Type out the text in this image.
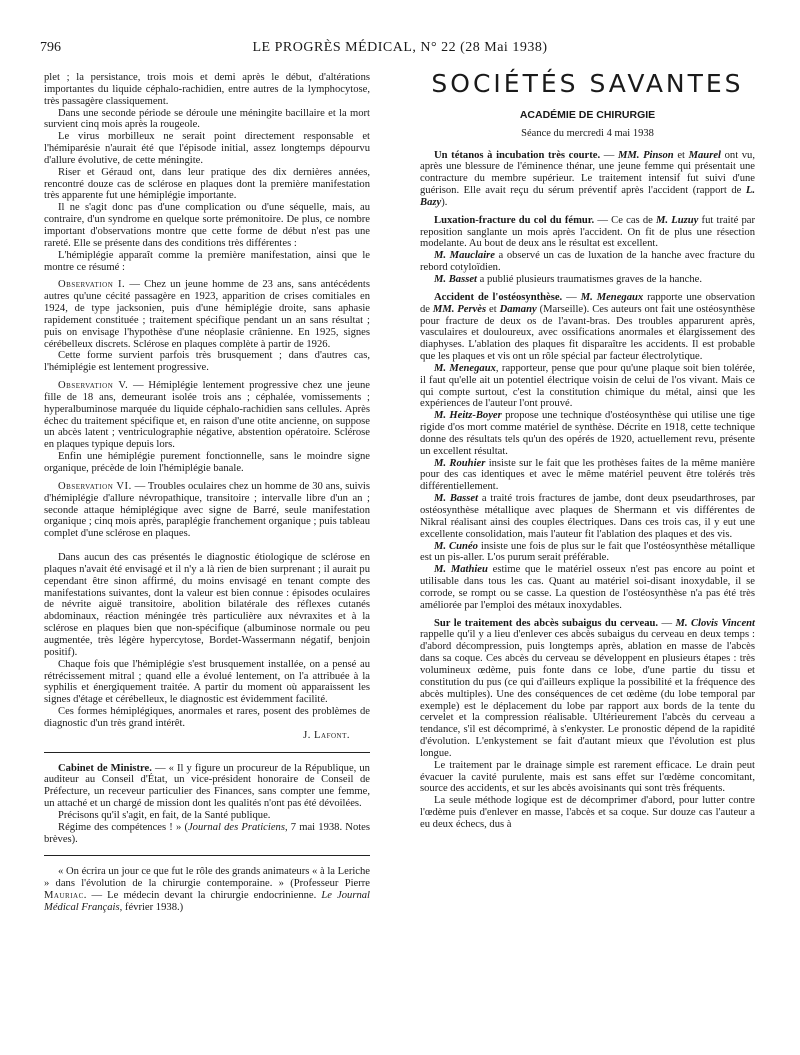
796	LE PROGRÈS MÉDICAL, N° 22 (28 Mai 1938)

plet ; la persistance, trois mois et demi après le début, d'altérations importantes du liquide céphalo-rachidien, entre autres de la lymphocytose, très passagère classiquement.

Dans une seconde période se déroule une méningite bacillaire et la mort survient cinq mois après la rougeole.

Le virus morbilleux ne serait point directement responsable et l'hémiparésie n'aurait été que l'épisode initial, assez longtemps dépourvu d'allure évolutive, de cette méningite.

Riser et Géraud ont, dans leur pratique des dix dernières années, rencontré douze cas de sclérose en plaques dont la première manifestation très apparente fut une hémiplégie importante.

Il ne s'agit donc pas d'une complication ou d'une séquelle, mais, au contraire, d'un syndrome en quelque sorte prémonitoire. De plus, ce nombre important d'observations montre que cette forme de début n'est pas une rareté. Elle se présente dans des conditions très différentes :

L'hémiplégie apparaît comme la première manifestation, ainsi que le montre ce résumé :

Observation I. — Chez un jeune homme de 23 ans, sans antécédents autres qu'une cécité passagère en 1923, apparition de crises comitiales en 1924, de type jacksonien, puis d'une hémiplégie droite, sans aphasie rapidement constituée ; traitement spécifique pendant un an sans résultat ; puis on envisage l'hypothèse d'une néoplasie crânienne. En 1925, signes cérébelleux discrets. Sclérose en plaques complète à partir de 1926.

Cette forme survient parfois très brusquement ; dans d'autres cas, l'hémiplégie est lentement progressive.

Observation V. — Hémiplégie lentement progressive chez une jeune fille de 18 ans, demeurant isolée trois ans ; céphalée, vomissements ; hyperalbuminose marquée du liquide céphalo-rachidien sans cellules. Après échec du traitement spécifique et, en raison d'une otite ancienne, on suppose un abcès latent ; ventriculographie négative, abstention opératoire. Sclérose en plaques typique depuis lors.

Enfin une hémiplégie purement fonctionnelle, sans le moindre signe organique, précède de loin l'hémiplégie banale.

Observation VI. — Troubles oculaires chez un homme de 30 ans, suivis d'hémiplégie d'allure névropathique, transitoire ; intervalle libre d'un an ; seconde attaque hémiplégique avec signe de Barré, seule manifestation organique ; cinq mois après, paraplégie franchement organique ; puis tableau complet d'une sclérose en plaques.

Dans aucun des cas présentés le diagnostic étiologique de sclérose en plaques n'avait été envisagé et il n'y a là rien de bien surprenant ; il aurait pu cependant être sinon affirmé, du moins envisagé en tenant compte des manifestations suivantes, dont la valeur est bien connue : épisodes oculaires de névrite aiguë transitoire, abolition bilatérale des réflexes cutanés abdominaux, réaction méningée très particulière aux névraxites et à la sclérose en plaques bien que non-spécifique (albuminose normale ou peu augmentée, très légère hypercytose, Bordet-Wassermann négatif, benjoin positif).

Chaque fois que l'hémiplégie s'est brusquement installée, on a pensé au rétrécissement mitral ; quand elle a évolué lentement, on l'a attribuée à la syphilis et énergiquement traitée. A partir du moment où apparaissent les signes d'étage et cérébelleux, le diagnostic est évidemment facilité.

Ces formes hémiplégiques, anormales et rares, posent des problèmes de diagnostic d'un très grand intérêt.

J. Lafont.

Cabinet de Ministre. — « Il y figure un procureur de la République, un auditeur au Conseil d'État, un vice-président honoraire de Conseil de Préfecture, un receveur particulier des Finances, sans compter une femme, un attaché et un chargé de mission dont les qualités n'ont pas été dévoilées.

Précisons qu'il s'agit, en fait, de la Santé publique.

Régime des compétences ! » (Journal des Praticiens, 7 mai 1938. Notes brèves).

« On écrira un jour ce que fut le rôle des grands animateurs « à la Leriche » dans l'évolution de la chirurgie contemporaine. » (Professeur Pierre Mauriac. — Le médecin devant la chirurgie endocrinienne. Le Journal Médical Français, février 1938.)

SOCIÉTÉS SAVANTES
ACADÉMIE DE CHIRURGIE
Séance du mercredi 4 mai 1938

Un tétanos à incubation très courte. — MM. Pinson et Maurel ont vu, après une blessure de l'éminence thénar, une jeune femme qui présentait une contracture du membre supérieur. Le traitement intensif fut suivi d'une guérison. Elle avait reçu du sérum préventif après l'accident (rapport de L. Bazy).

Luxation-fracture du col du fémur. — Ce cas de M. Luzuy fut traité par reposition sanglante un mois après l'accident. On fit de plus une résection modelante. Au bout de deux ans le résultat est excellent.

M. Mauclaire a observé un cas de luxation de la hanche avec fracture du rebord cotyloïdien.

M. Basset a publié plusieurs traumatismes graves de la hanche.

Accident de l'ostéosynthèse. — M. Menegaux rapporte une observation de MM. Pervès et Damany (Marseille). Ces auteurs ont fait une ostéosynthèse pour fracture de deux os de l'avant-bras. Des troubles apparurent après, vasculaires et douloureux, avec ossifications anormales et élargissement des diaphyses. L'ablation des plaques fit disparaître les accidents. Il est probable que les plaques et vis ont un rôle spécial par facteur électrolytique.

M. Menegaux, rapporteur, pense que pour qu'une plaque soit bien tolérée, il faut qu'elle ait un potentiel électrique voisin de celui de l'os vivant. Mais ce qui compte surtout, c'est la constitution chimique du métal, ainsi que les expériences de l'auteur l'ont prouvé.

M. Heitz-Boyer propose une technique d'ostéosynthèse qui utilise une tige rigide d'os mort comme matériel de synthèse. Décrite en 1918, cette technique donne des résultats tels qu'un des opérés de 1920, actuellement revu, présente un excellent résultat.

M. Rouhier insiste sur le fait que les prothèses faites de la même manière pour des cas identiques et avec le même matériel peuvent être tolérés très différentiellement.

M. Basset a traité trois fractures de jambe, dont deux pseudarthroses, par ostéosynthèse métallique avec plaques de Shermann et vis différentes de Nikral réalisant ainsi des couples électriques. Dans ces trois cas, il y eut une excellente consolidation, mais l'auteur fit l'ablation des plaques et des vis.

M. Cunéo insiste une fois de plus sur le fait que l'ostéosynthèse métallique est un pis-aller. L'os purum serait préférable.

M. Mathieu estime que le matériel osseux n'est pas encore au point et utilisable dans tous les cas. Quant au matériel soi-disant inoxydable, il se corrode, se rompt ou se casse. La question de l'ostéosynthèse n'a pas été très améliorée par l'emploi des métaux inoxydables.

Sur le traitement des abcès subaigus du cerveau. — M. Clovis Vincent rappelle qu'il y a lieu d'enlever ces abcès subaigus du cerveau en deux temps : d'abord décompression, puis longtemps après, ablation en masse de l'abcès dans sa coque. Ces abcès du cerveau se développent en plusieurs étapes : très volumineux œdème, puis fonte dans ce lobe, d'une partie du tissu et constitution du pus (ce qui d'ailleurs explique la possibilité et la fréquence des abcès multiples). Une des conséquences de cet œdème (du lobe temporal par exemple) est le déplacement du lobe par rapport aux bords de la tente du cervelet et la compression réalisable. Ultérieurement l'abcès du cerveau a tendance, s'il est décomprimé, à s'enkyster. Le pronostic dépend de la rapidité d'évolution. L'enkystement se fait d'autant mieux que l'évolution est plus longue.

Le traitement par le drainage simple est rarement efficace. Le drain peut évacuer la cavité purulente, mais est sans effet sur l'œdème concomitant, source des accidents, et sur les abcès avoisinants qui sont très fréquents.

La seule méthode logique est de décomprimer d'abord, pour lutter contre l'œdème puis d'enlever en masse, l'abcès et sa coque. Sur douze cas l'auteur a eu deux échecs, dus à
